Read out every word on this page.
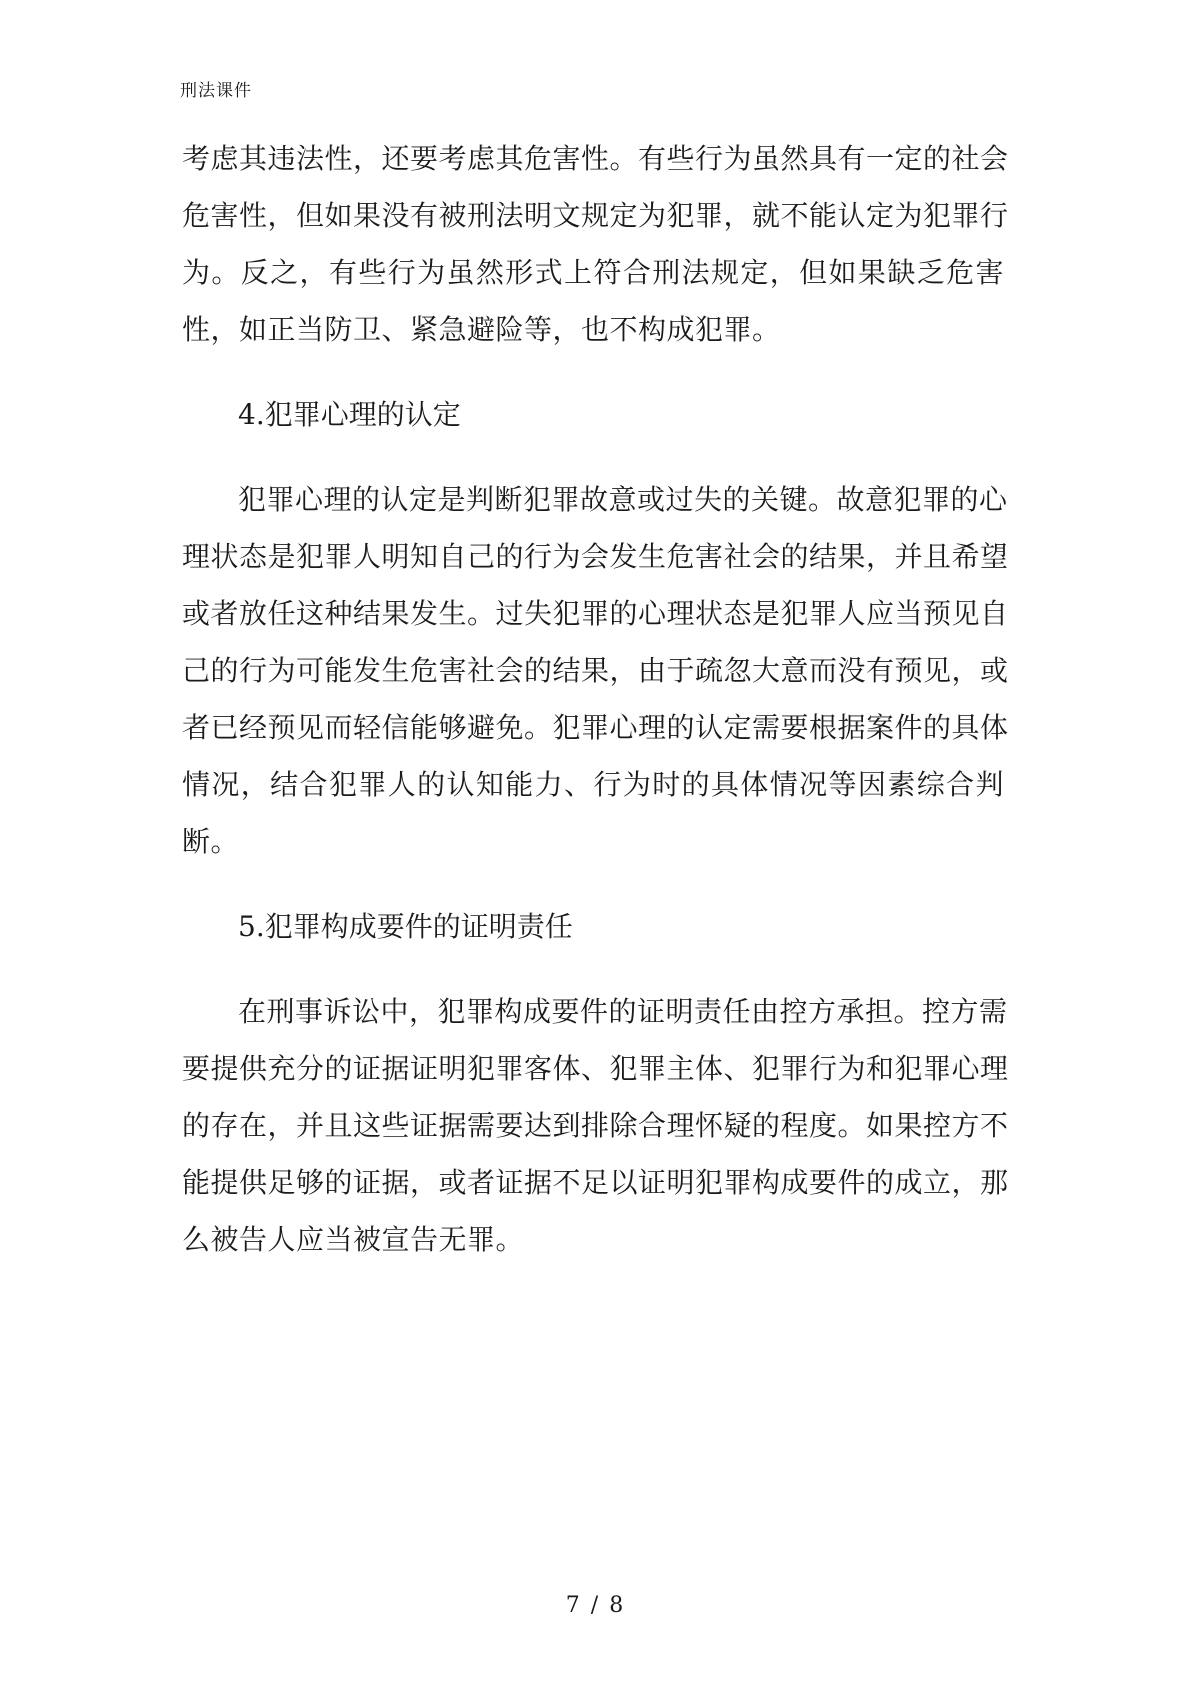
刑法课件
考虑其违法性，还要考虑其危害性。有些行为虽然具有一定的社会
危害性，但如果没有被刑法明文规定为犯罪，就不能认定为犯罪行
为。反之，有些行为虽然形式上符合刑法规定，但如果缺乏危害
性，如正当防卫、紧急避险等，也不构成犯罪。
4.犯罪心理的认定
犯罪心理的认定是判断犯罪故意或过失的关键。故意犯罪的心
理状态是犯罪人明知自己的行为会发生危害社会的结果，并且希望
或者放任这种结果发生。过失犯罪的心理状态是犯罪人应当预见自
己的行为可能发生危害社会的结果，由于疏忽大意而没有预见，或
者已经预见而轻信能够避免。犯罪心理的认定需要根据案件的具体
情况，结合犯罪人的认知能力、行为时的具体情况等因素综合判
断。
5.犯罪构成要件的证明责任
在刑事诉讼中，犯罪构成要件的证明责任由控方承担。控方需
要提供充分的证据证明犯罪客体、犯罪主体、犯罪行为和犯罪心理
的存在，并且这些证据需要达到排除合理怀疑的程度。如果控方不
能提供足够的证据，或者证据不足以证明犯罪构成要件的成立，那
么被告人应当被宣告无罪。
7 / 8
